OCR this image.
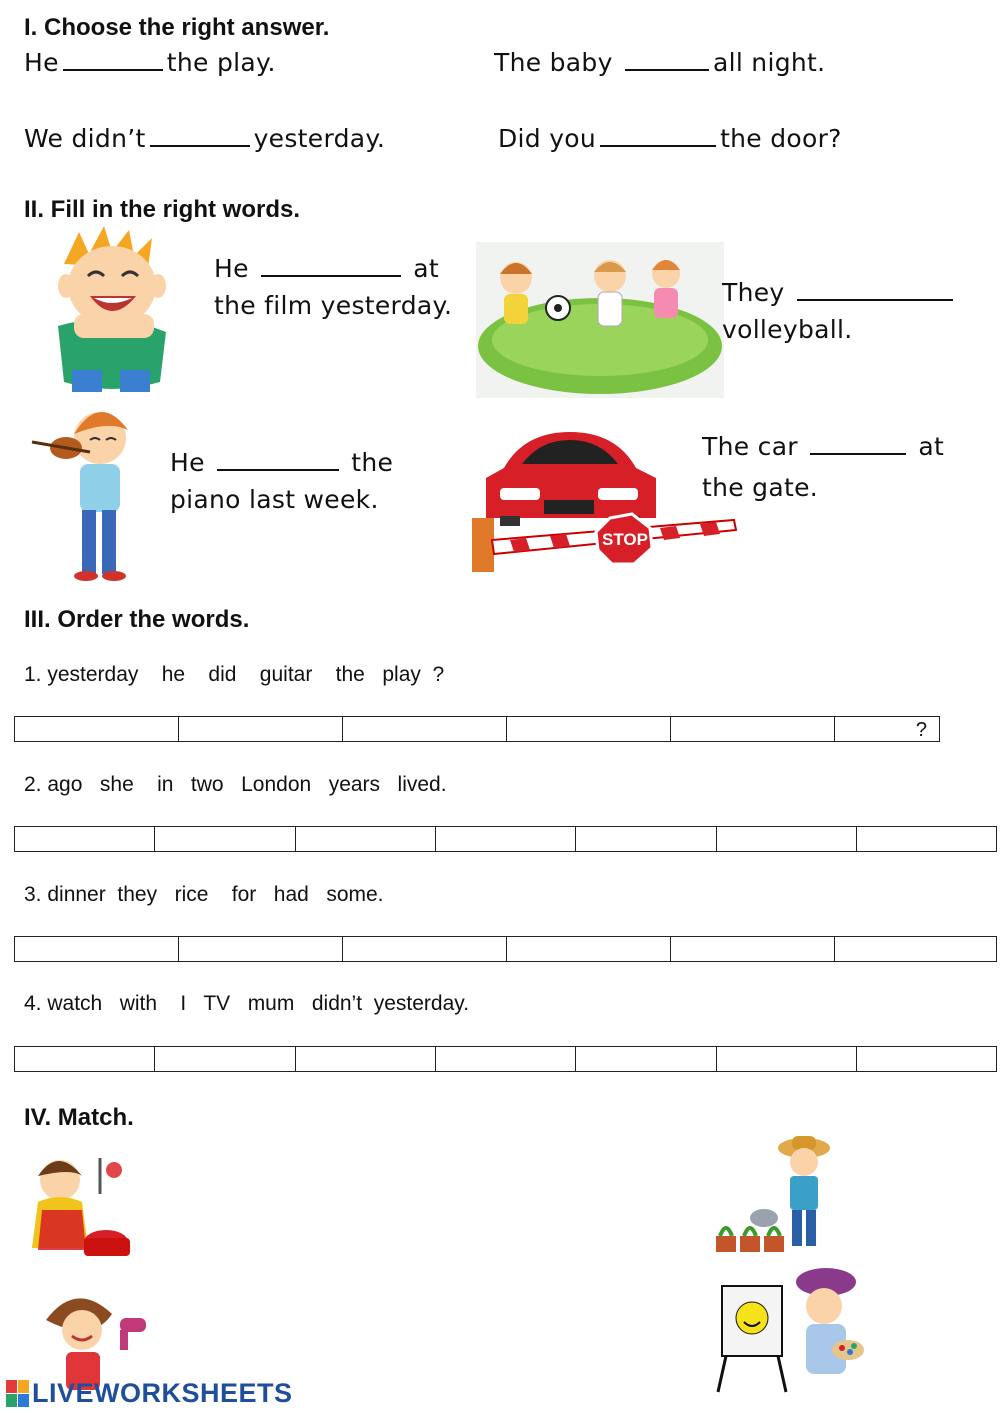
I. Choose the right answer.
He	the play.	The baby	all night.
We didn’t	yesterday.	Did you	the door?
II. Fill in the right words.
He	at
the film yesterday.	They
volleyball.
He	the
piano last week.
STOP
The car	at
the gate.
III. Order the words.
1. yesterday    he    did    guitar    the   play  ?
?
2. ago   she    in   two   London   years   lived.
3. dinner  they   rice    for   had   some.
4. watch   with    I   TV   mum   didn’t  yesterday.
IV. Match.
LIVEWORKSHEETS
